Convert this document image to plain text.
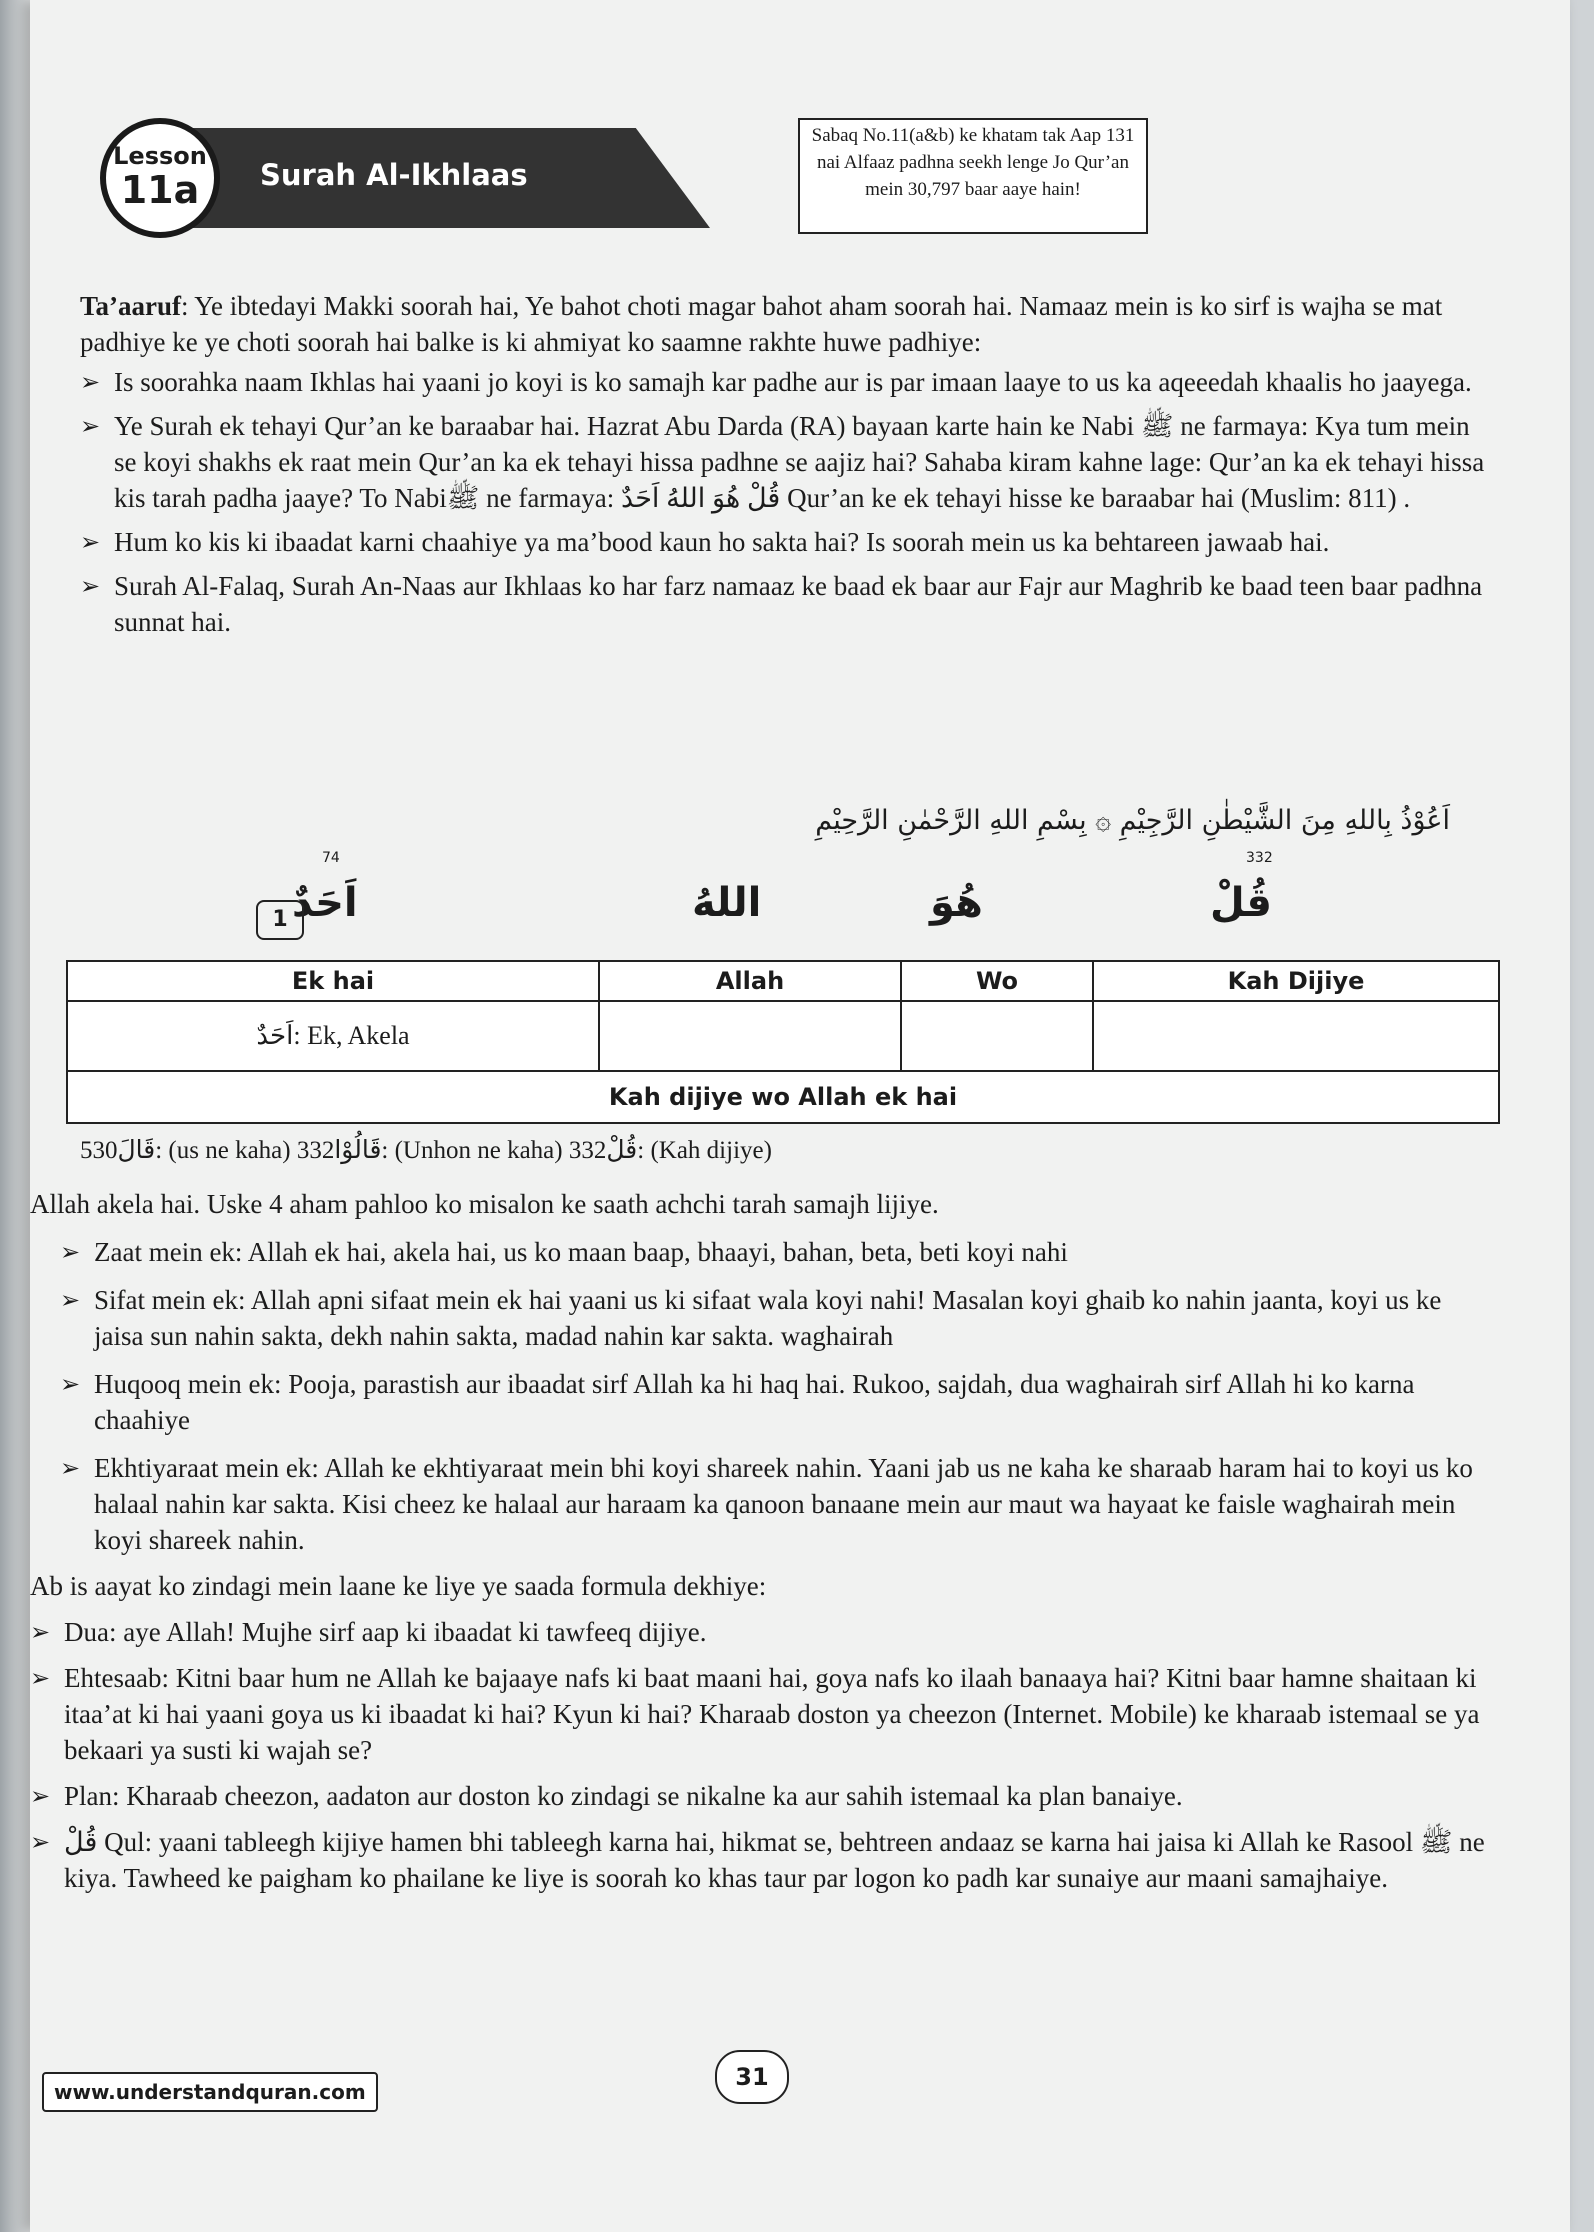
Lesson
11a	Surah Al-Ikhlaas
Sabaq No.11(a&b) ke khatam tak Aap 131 nai Alfaaz padhna seekh lenge Jo Qur’an mein 30,797 baar aaye hain!
Ta’aaruf: Ye ibtedayi Makki soorah hai, Ye bahot choti magar bahot aham soorah hai. Namaaz mein is ko sirf is wajha se mat padhiye ke ye choti soorah hai balke is ki ahmiyat ko saamne rakhte huwe padhiye:
➢ Is soorahka naam Ikhlas hai yaani jo koyi is ko samajh kar padhe aur is par imaan laaye to us ka aqeeedah khaalis ho jaayega.
➢ Ye Surah ek tehayi Qur’an ke baraabar hai. Hazrat Abu Darda (RA) bayaan karte hain ke Nabi ﷺ ne farmaya: Kya tum mein se koyi shakhs ek raat mein Qur’an ka ek tehayi hissa padhne se aajiz hai? Sahaba kiram kahne lage: Qur’an ka ek tehayi hissa kis tarah padha jaaye? To Nabiﷺ ne farmaya: قُلْ هُوَ اللهُ اَحَدٌ Qur’an ke ek tehayi hisse ke baraabar hai (Muslim: 811) .
➢ Hum ko kis ki ibaadat karni chaahiye ya ma’bood kaun ho sakta hai? Is soorah mein us ka behtareen jawaab hai.
➢ Surah Al-Falaq, Surah An-Naas aur Ikhlaas ko har farz namaaz ke baad ek baar aur Fajr aur Maghrib ke baad teen baar padhna sunnat hai.
اَعُوْذُ بِاللهِ مِنَ الشَّيْطٰنِ الرَّجِيْمِ ۞ بِسْمِ اللهِ الرَّحْمٰنِ الرَّحِيْمِ
قُلْ
332
هُوَ
اللهُ
اَحَدٌ
74
1
Ek hai	Allah	Wo	Kah Dijiye
اَحَدٌ: Ek, Akela			
Kah dijiye wo Allah ek hai			
530قَالَ: (us ne kaha) 332قَالُوْا: (Unhon ne kaha) 332قُلْ: (Kah dijiye)
Allah akela hai. Uske 4 aham pahloo ko misalon ke saath achchi tarah samajh lijiye.
➢ Zaat mein ek: Allah ek hai, akela hai, us ko maan baap, bhaayi, bahan, beta, beti koyi nahi
➢ Sifat mein ek: Allah apni sifaat mein ek hai yaani us ki sifaat wala koyi nahi! Masalan koyi ghaib ko nahin jaanta, koyi us ke jaisa sun nahin sakta, dekh nahin sakta, madad nahin kar sakta. waghairah
➢ Huqooq mein ek: Pooja, parastish aur ibaadat sirf Allah ka hi haq hai. Rukoo, sajdah, dua waghairah sirf Allah hi ko karna chaahiye
➢ Ekhtiyaraat mein ek: Allah ke ekhtiyaraat mein bhi koyi shareek nahin. Yaani jab us ne kaha ke sharaab haram hai to koyi us ko halaal nahin kar sakta. Kisi cheez ke halaal aur haraam ka qanoon banaane mein aur maut wa hayaat ke faisle waghairah mein koyi shareek nahin.
Ab is aayat ko zindagi mein laane ke liye ye saada formula dekhiye:
➢ Dua: aye Allah! Mujhe sirf aap ki ibaadat ki tawfeeq dijiye.
➢ Ehtesaab: Kitni baar hum ne Allah ke bajaaye nafs ki baat maani hai, goya nafs ko ilaah banaaya hai? Kitni baar hamne shaitaan ki itaa’at ki hai yaani goya us ki ibaadat ki hai? Kyun ki hai? Kharaab doston ya cheezon (Internet. Mobile) ke kharaab istemaal se ya bekaari ya susti ki wajah se?
➢ Plan: Kharaab cheezon, aadaton aur doston ko zindagi se nikalne ka aur sahih istemaal ka plan banaiye.
➢ قُلْ Qul: yaani tableegh kijiye hamen bhi tableegh karna hai, hikmat se, behtreen andaaz se karna hai jaisa ki Allah ke Rasool ﷺ ne kiya. Tawheed ke paigham ko phailane ke liye is soorah ko khas taur par logon ko padh kar sunaiye aur maani samajhaiye.
www.understandquran.com
31
